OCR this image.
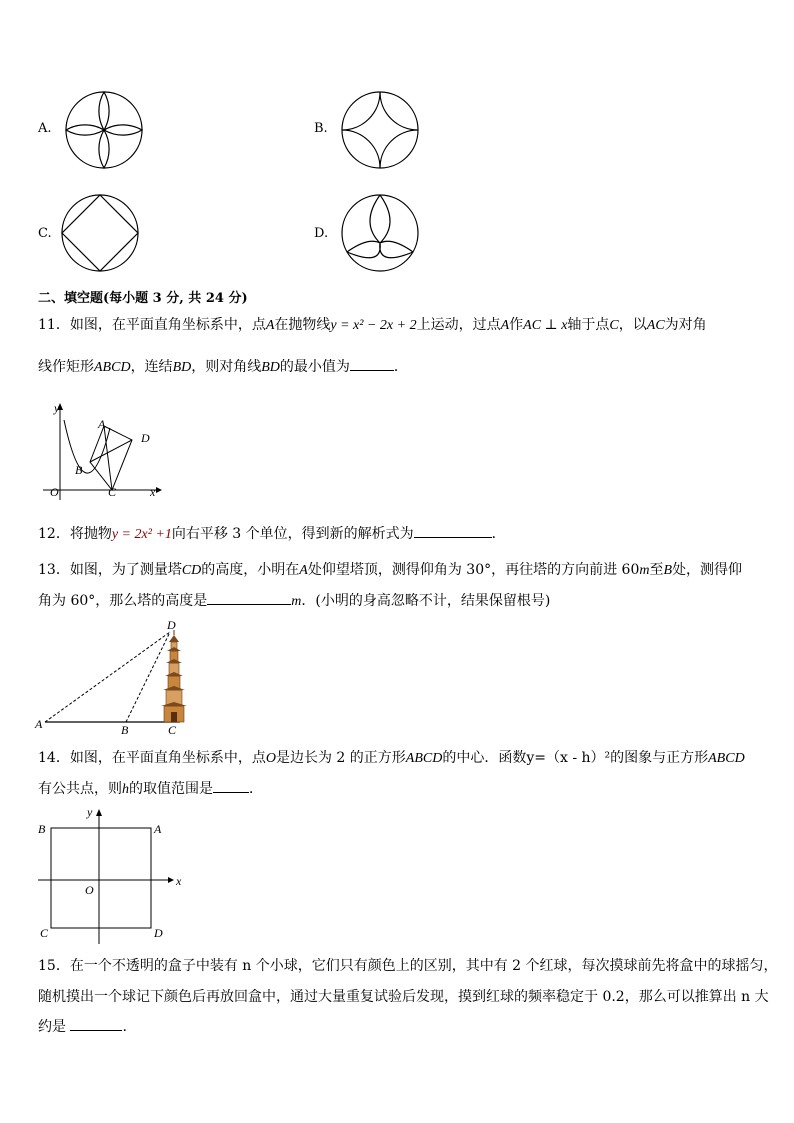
A.	B.
C.	D.
二、填空题(每小题 3 分, 共 24 分)
11．如图，在平面直角坐标系中，点A在抛物线y = x² − 2x + 2上运动，过点A作AC ⊥ x轴于点C，以AC为对角
线作矩形ABCD，连结BD，则对角线BD的最小值为	．
y
x
O
A
B
C
D
12．将抛物y = 2x² +1向右平移 3 个单位，得到新的解析式为	．
13．如图，为了测量塔CD的高度，小明在A处仰望塔顶，测得仰角为 30°，再往塔的方向前进 60m至B处，测得仰
角为 60°，那么塔的高度是	m．(小明的身高忽略不计，结果保留根号)
A	B	C
D
14．如图，在平面直角坐标系中，点O是边长为 2 的正方形ABCD的中心．函数y=（x - h）²的图象与正方形ABCD
有公共点，则h的取值范围是	．
B	A
C	D
O
y
x
15．在一个不透明的盒子中装有 n 个小球，它们只有颜色上的区别，其中有 2 个红球，每次摸球前先将盒中的球摇匀，
随机摸出一个球记下颜色后再放回盒中，通过大量重复试验后发现，摸到红球的频率稳定于 0.2，那么可以推算出 n 大
约是	.
